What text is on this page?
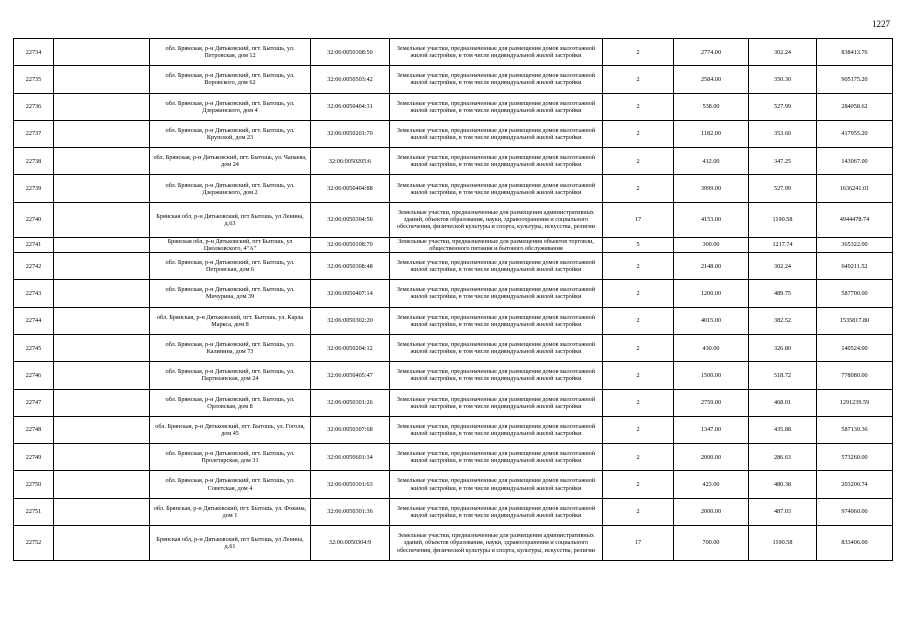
1227
22734		обл. Брянская, р-н Дятьковский, пгт. Бытошь, ул. Петровская, дом 12	32:06:0050308:50	Земельные участки, предназначенные для размещения домов малоэтажной жилой застройки, в том числе индивидуальной жилой застройки	2	2774.00	302.24	838413.76
22735		обл. Брянская, р-н Дятьковский, пгт. Бытошь, ул. Воровского, дом 62	32:06:0050503:42	Земельные участки, предназначенные для размещения домов малоэтажной жилой застройки, в том числе индивидуальной жилой застройки	2	2584.00	350.30	905175.20
22736		обл. Брянская, р-н Дятьковский, пгт. Бытошь, ул. Дзержинского, дом 4	32:06:0050404:31	Земельные участки, предназначенные для размещения домов малоэтажной жилой застройки, в том числе индивидуальной жилой застройки	2	538.00	527.99	284058.62
22737		обл. Брянская, р-н Дятьковский, пгт. Бытошь, ул. Крупской, дом 23	32:06:0050201:70	Земельные участки, предназначенные для размещения домов малоэтажной жилой застройки, в том числе индивидуальной жилой застройки	2	1182.00	353.60	417955.20
22738		обл. Брянская, р-н Дятьковский, пгт. Бытошь, ул. Чапаева, дом 24	32:06:0050205:6	Земельные участки, предназначенные для размещения домов малоэтажной жилой застройки, в том числе индивидуальной жилой застройки	2	412.00	347.25	143067.00
22739		обл. Брянская, р-н Дятьковский, пгт. Бытошь, ул. Дзержинского, дом 2	32:06:0050404:88	Земельные участки, предназначенные для размещения домов малоэтажной жилой застройки, в том числе индивидуальной жилой застройки	2	3099.00	527.99	1636241.01
22740		Брянская обл, р-н Дятьковский, пгт Бытошь, ул Ленина, д.63	32:06:0050304:56	Земельные участки, предназначенные для размещения административных зданий, объектов образования, науки, здравоохранения и социального обеспечения, физической культуры и спорта, культуры, искусства, религии	17	4153.00	1190.58	4944478.74
22741		Брянская обл, р-н Дятьковский, пгт Бытошь, ул Циолковского, 4"А"	32:06:0050108:70	Земельные участки, предназначенные для размещения объектов торговли, общественного питания и бытового обслуживания	5	300.00	1217.74	365322.00
22742		обл. Брянская, р-н Дятьковский, пгт. Бытошь, ул. Петровская, дом 6	32:06:0050308:48	Земельные участки, предназначенные для размещения домов малоэтажной жилой застройки, в том числе индивидуальной жилой застройки	2	2148.00	302.24	649211.52
22743		обл. Брянская, р-н Дятьковский, пгт. Бытошь, ул. Мичурина, дом 39	32:06:0050407:14	Земельные участки, предназначенные для размещения домов малоэтажной жилой застройки, в том числе индивидуальной жилой застройки	2	1200.00	489.75	587700.00
22744		обл. Брянская, р-н Дятьковский, пгт. Бытошь, ул. Карла Маркса, дом 8	32:06:0050302:20	Земельные участки, предназначенные для размещения домов малоэтажной жилой застройки, в том числе индивидуальной жилой застройки	2	4015.00	382.52	1535817.80
22745		обл. Брянская, р-н Дятьковский, пгт. Бытошь, ул. Калинина, дом 73	32:06:0050204:12	Земельные участки, предназначенные для размещения домов малоэтажной жилой застройки, в том числе индивидуальной жилой застройки	2	430.00	326.80	140524.00
22746		обл. Брянская, р-н Дятьковский, пгт. Бытошь, ул. Партизанская, дом 24	32:06:0050405:47	Земельные участки, предназначенные для размещения домов малоэтажной жилой застройки, в том числе индивидуальной жилой застройки	2	1500.00	518.72	778080.00
22747		обл. Брянская, р-н Дятьковский, пгт. Бытошь, ул. Орловская, дом 8	32:06:0050301:26	Земельные участки, предназначенные для размещения домов малоэтажной жилой застройки, в том числе индивидуальной жилой застройки	2	2759.00	468.01	1291239.59
22748		обл. Брянская, р-н Дятьковский, пгт. Бытошь, ул. Гоголя, дом 45	32:06:0050307:68	Земельные участки, предназначенные для размещения домов малоэтажной жилой застройки, в том числе индивидуальной жилой застройки	2	1347.00	435.88	587130.36
22749		обл. Брянская, р-н Дятьковский, пгт. Бытошь, ул. Пролетарская, дом 31	32:06:0050601:34	Земельные участки, предназначенные для размещения домов малоэтажной жилой застройки, в том числе индивидуальной жилой застройки	2	2000.00	286.63	573260.00
22750		обл. Брянская, р-н Дятьковский, пгт. Бытошь, ул. Советская, дом 4	32:06:0050301:63	Земельные участки, предназначенные для размещения домов малоэтажной жилой застройки, в том числе индивидуальной жилой застройки	2	423.00	480.38	203200.74
22751		обл. Брянская, р-н Дятьковский, пгт. Бытошь, ул. Фокина, дом 1	32:06:0050301:36	Земельные участки, предназначенные для размещения домов малоэтажной жилой застройки, в том числе индивидуальной жилой застройки	2	2000.00	487.03	974060.00
22752		Брянская обл, р-н Дятьковский, пгт Бытошь, ул Ленина, д.61	32:06:0050304:9	Земельные участки, предназначенные для размещения административных зданий, объектов образования, науки, здравоохранения и социального обеспечения, физической культуры и спорта, культуры, искусства, религии	17	700.00	1190.58	833406.00
